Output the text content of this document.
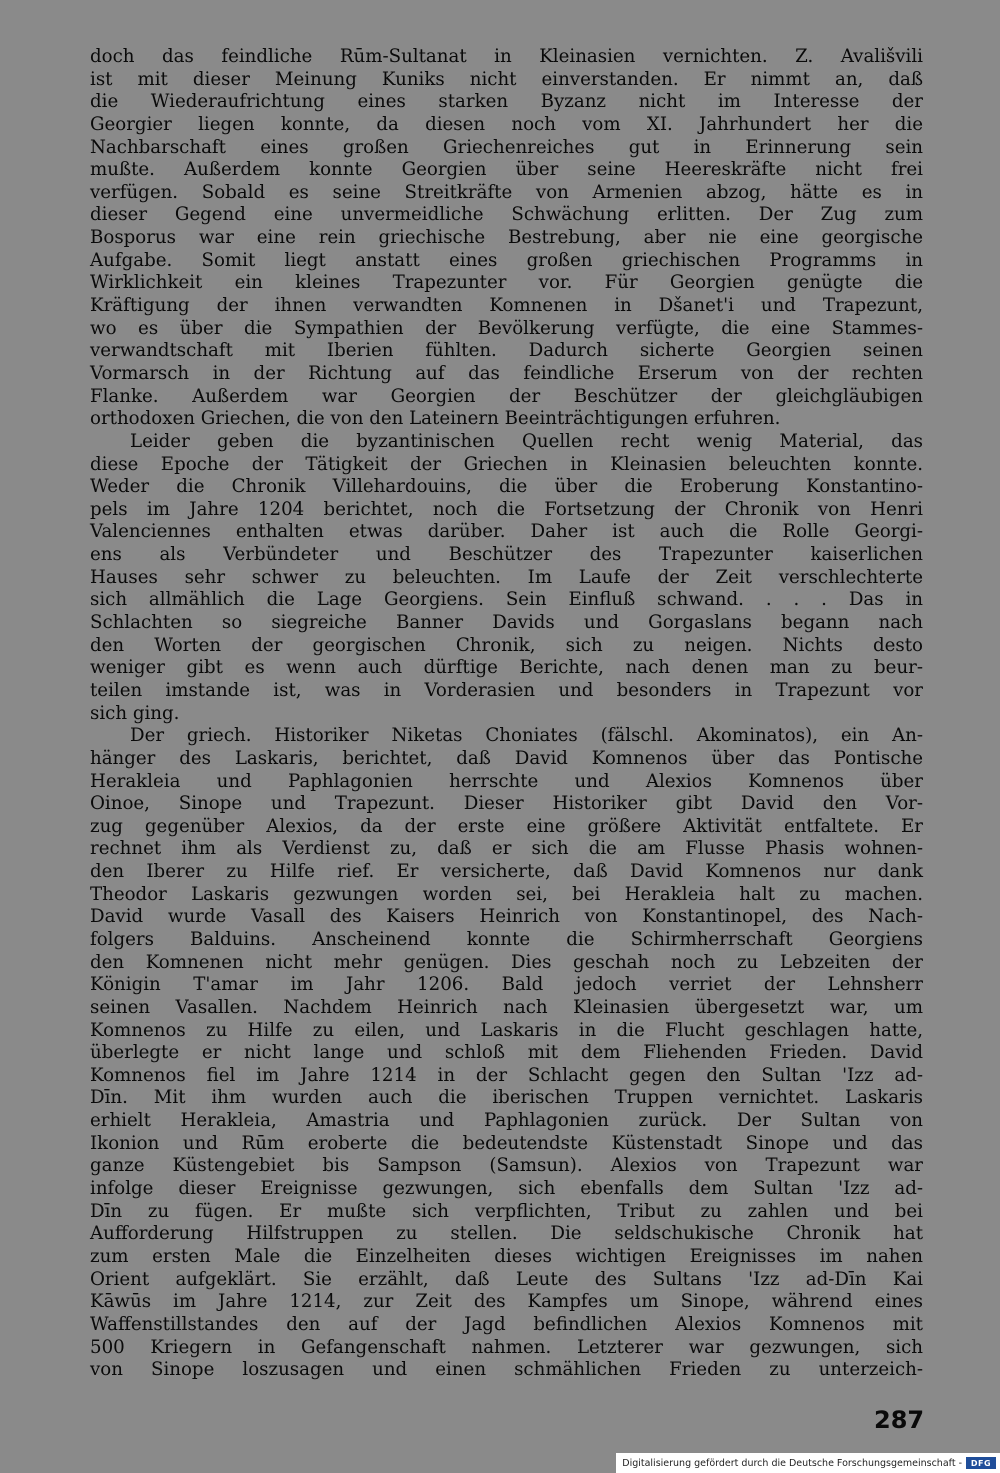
doch das feindliche Rūm-Sultanat in Kleinasien vernichten. Z. Avališvili
ist mit dieser Meinung Kuniks nicht einverstanden. Er nimmt an, daß
die Wiederaufrichtung eines starken Byzanz nicht im Interesse der
Georgier liegen konnte, da diesen noch vom XI. Jahrhundert her die
Nachbarschaft eines großen Griechenreiches gut in Erinnerung sein
mußte. Außerdem konnte Georgien über seine Heereskräfte nicht frei
verfügen. Sobald es seine Streitkräfte von Armenien abzog, hätte es in
dieser Gegend eine unvermeidliche Schwächung erlitten. Der Zug zum
Bosporus war eine rein griechische Bestrebung, aber nie eine georgische
Aufgabe. Somit liegt anstatt eines großen griechischen Programms in
Wirklichkeit ein kleines Trapezunter vor. Für Georgien genügte die
Kräftigung der ihnen verwandten Komnenen in Dšanet'i und Trapezunt,
wo es über die Sympathien der Bevölkerung verfügte, die eine Stammes-
verwandtschaft mit Iberien fühlten. Dadurch sicherte Georgien seinen
Vormarsch in der Richtung auf das feindliche Erserum von der rechten
Flanke. Außerdem war Georgien der Beschützer der gleichgläubigen
orthodoxen Griechen, die von den Lateinern Beeinträchtigungen erfuhren.
Leider geben die byzantinischen Quellen recht wenig Material, das
diese Epoche der Tätigkeit der Griechen in Kleinasien beleuchten konnte.
Weder die Chronik Villehardouins, die über die Eroberung Konstantino-
pels im Jahre 1204 berichtet, noch die Fortsetzung der Chronik von Henri
Valenciennes enthalten etwas darüber. Daher ist auch die Rolle Georgi-
ens als Verbündeter und Beschützer des Trapezunter kaiserlichen
Hauses sehr schwer zu beleuchten. Im Laufe der Zeit verschlechterte
sich allmählich die Lage Georgiens. Sein Einfluß schwand. . . . Das in
Schlachten so siegreiche Banner Davids und Gorgaslans begann nach
den Worten der georgischen Chronik, sich zu neigen. Nichts desto
weniger gibt es wenn auch dürftige Berichte, nach denen man zu beur-
teilen imstande ist, was in Vorderasien und besonders in Trapezunt vor
sich ging.
Der griech. Historiker Niketas Choniates (fälschl. Akominatos), ein An-
hänger des Laskaris, berichtet, daß David Komnenos über das Pontische
Herakleia und Paphlagonien herrschte und Alexios Komnenos über
Oinoe, Sinope und Trapezunt. Dieser Historiker gibt David den Vor-
zug gegenüber Alexios, da der erste eine größere Aktivität entfaltete. Er
rechnet ihm als Verdienst zu, daß er sich die am Flusse Phasis wohnen-
den Iberer zu Hilfe rief. Er versicherte, daß David Komnenos nur dank
Theodor Laskaris gezwungen worden sei, bei Herakleia halt zu machen.
David wurde Vasall des Kaisers Heinrich von Konstantinopel, des Nach-
folgers Balduins. Anscheinend konnte die Schirmherrschaft Georgiens
den Komnenen nicht mehr genügen. Dies geschah noch zu Lebzeiten der
Königin T'amar im Jahr 1206. Bald jedoch verriet der Lehnsherr
seinen Vasallen. Nachdem Heinrich nach Kleinasien übergesetzt war, um
Komnenos zu Hilfe zu eilen, und Laskaris in die Flucht geschlagen hatte,
überlegte er nicht lange und schloß mit dem Fliehenden Frieden. David
Komnenos fiel im Jahre 1214 in der Schlacht gegen den Sultan 'Izz ad-
Dīn. Mit ihm wurden auch die iberischen Truppen vernichtet. Laskaris
erhielt Herakleia, Amastria und Paphlagonien zurück. Der Sultan von
Ikonion und Rūm eroberte die bedeutendste Küstenstadt Sinope und das
ganze Küstengebiet bis Sampson (Samsun). Alexios von Trapezunt war
infolge dieser Ereignisse gezwungen, sich ebenfalls dem Sultan 'Izz ad-
Dīn zu fügen. Er mußte sich verpflichten, Tribut zu zahlen und bei
Aufforderung Hilfstruppen zu stellen. Die seldschukische Chronik hat
zum ersten Male die Einzelheiten dieses wichtigen Ereignisses im nahen
Orient aufgeklärt. Sie erzählt, daß Leute des Sultans 'Izz ad-Dīn Kai
Kāwūs im Jahre 1214, zur Zeit des Kampfes um Sinope, während eines
Waffenstillstandes den auf der Jagd befindlichen Alexios Komnenos mit
500 Kriegern in Gefangenschaft nahmen. Letzterer war gezwungen, sich
von Sinope loszusagen und einen schmählichen Frieden zu unterzeich-
287
Digitalisierung gefördert durch die Deutsche Forschungsgemeinschaft -	DFG
